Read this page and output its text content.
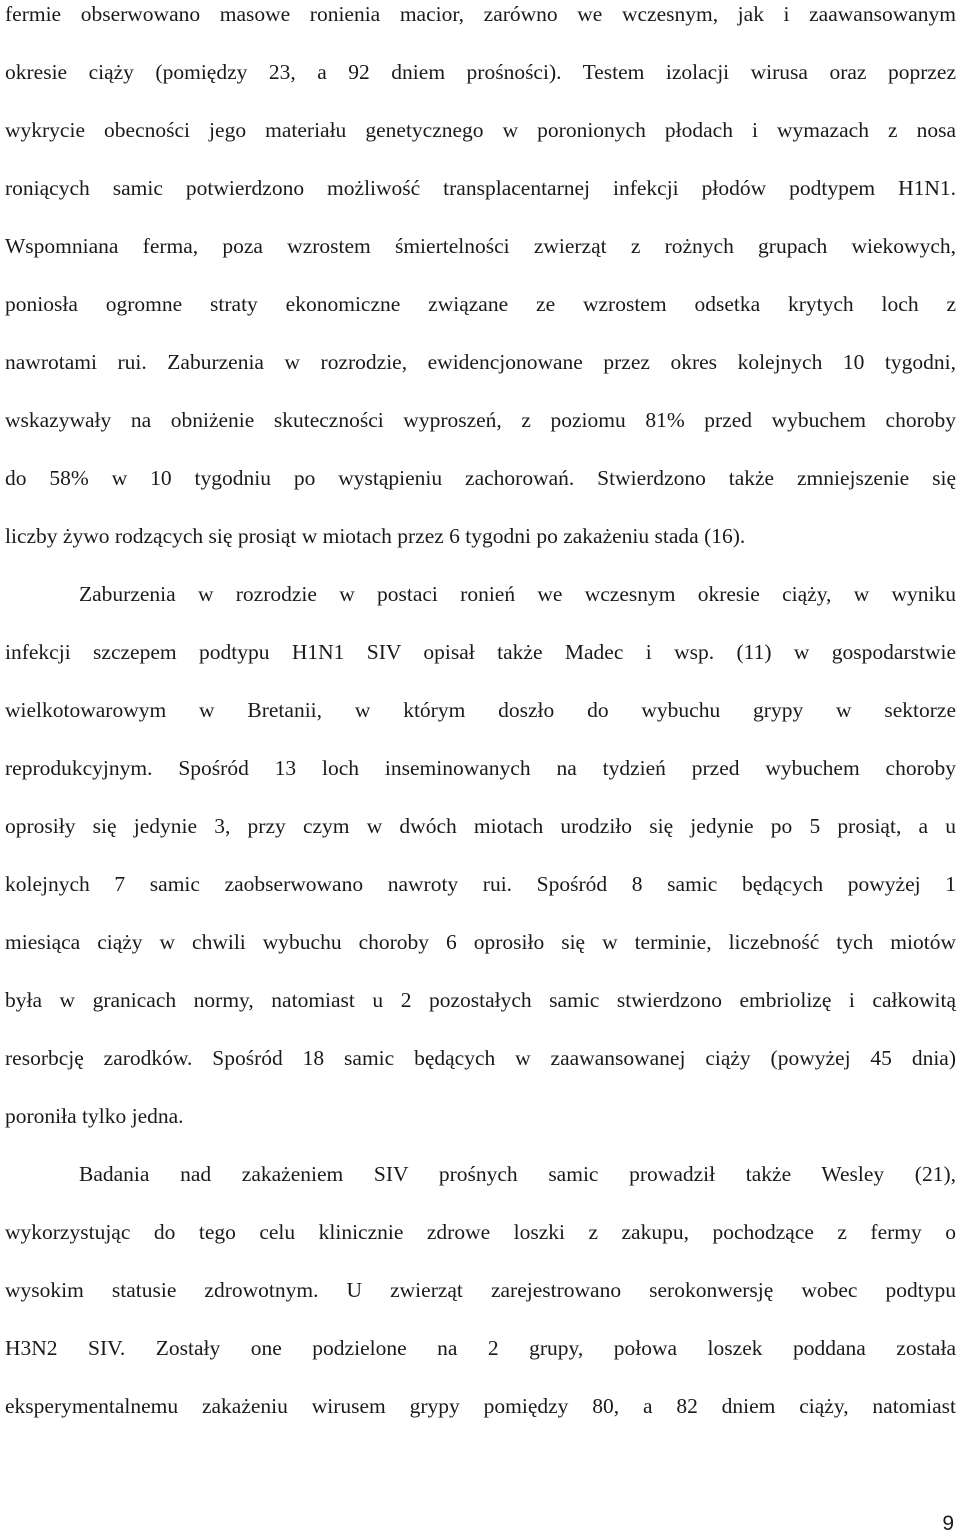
fermie obserwowano masowe ronienia macior, zarówno we wczesnym, jak i zaawansowanym
okresie ciąży (pomiędzy 23, a 92 dniem prośności). Testem izolacji wirusa oraz poprzez
wykrycie obecności jego materiału genetycznego w poronionych płodach i wymazach z nosa
roniących samic potwierdzono możliwość transplacentarnej infekcji płodów podtypem H1N1.
Wspomniana ferma, poza wzrostem śmiertelności zwierząt z rożnych grupach wiekowych,
poniosła ogromne straty ekonomiczne związane ze wzrostem odsetka krytych loch z
nawrotami rui. Zaburzenia w rozrodzie, ewidencjonowane przez okres kolejnych 10 tygodni,
wskazywały na obniżenie skuteczności wyproszeń, z poziomu 81% przed wybuchem choroby
do 58% w 10 tygodniu po wystąpieniu zachorowań. Stwierdzono także zmniejszenie się
liczby żywo rodzących się prosiąt w miotach przez 6 tygodni po zakażeniu stada (16).
Zaburzenia w rozrodzie w postaci ronień we wczesnym okresie ciąży, w wyniku
infekcji szczepem podtypu H1N1 SIV opisał także Madec i wsp. (11) w gospodarstwie
wielkotowarowym w Bretanii, w którym doszło do wybuchu grypy w sektorze
reprodukcyjnym. Spośród 13 loch inseminowanych na tydzień przed wybuchem choroby
oprosiły się jedynie 3, przy czym w dwóch miotach urodziło się jedynie po 5 prosiąt, a u
kolejnych 7 samic zaobserwowano nawroty rui. Spośród 8 samic będących powyżej 1
miesiąca ciąży w chwili wybuchu choroby 6 oprosiło się w terminie, liczebność tych miotów
była w granicach normy, natomiast u 2 pozostałych samic stwierdzono embriolizę i całkowitą
resorbcję zarodków. Spośród 18 samic będących w zaawansowanej ciąży (powyżej 45 dnia)
poroniła tylko jedna.
Badania nad zakażeniem SIV prośnych samic prowadził także Wesley (21),
wykorzystując do tego celu klinicznie zdrowe loszki z zakupu, pochodzące z fermy o
wysokim statusie zdrowotnym. U zwierząt zarejestrowano serokonwersję wobec podtypu
H3N2 SIV. Zostały one podzielone na 2 grupy, połowa loszek poddana została
eksperymentalnemu zakażeniu wirusem grypy pomiędzy 80, a 82 dniem ciąży, natomiast
9
